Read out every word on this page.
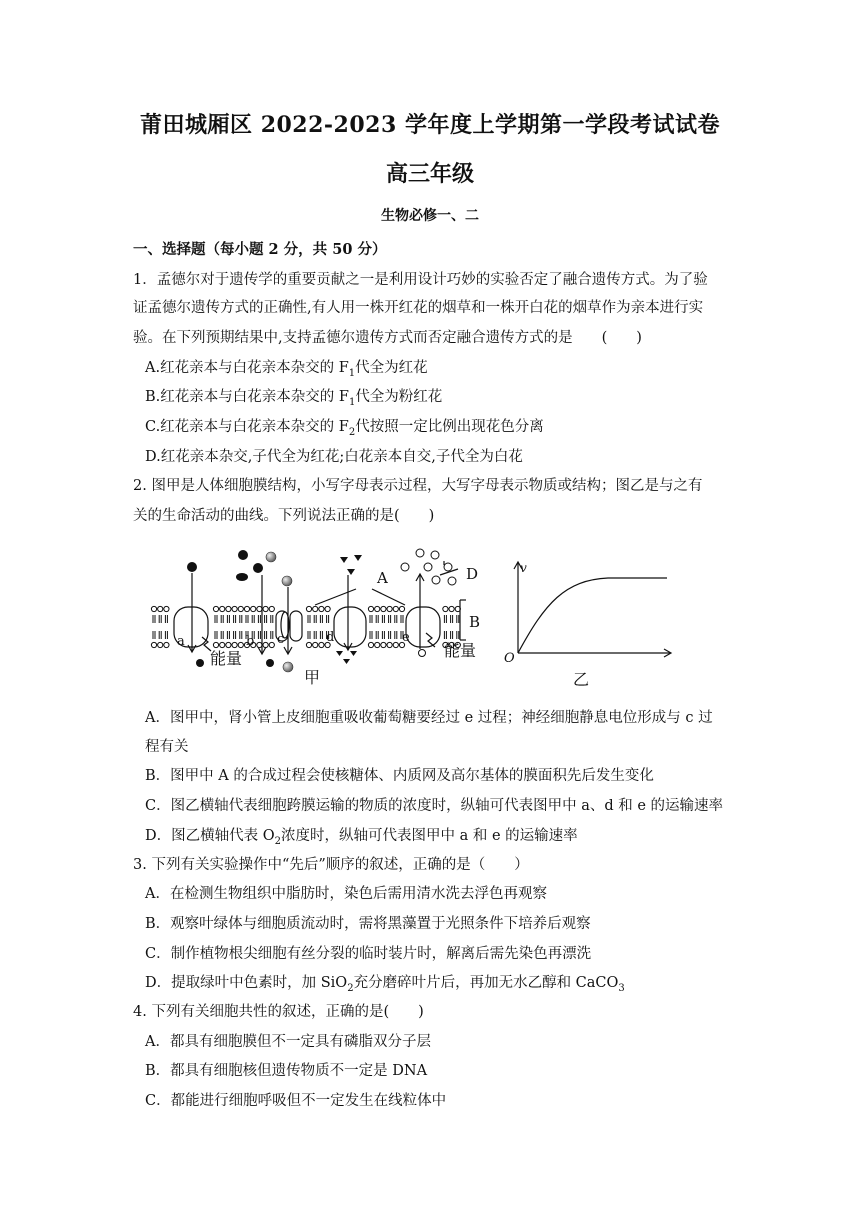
莆田城厢区 2022-2023 学年度上学期第一学段考试试卷
高三年级
生物必修一、二
一、选择题（每小题 2 分，共 50 分）
1．孟德尔对于遗传学的重要贡献之一是利用设计巧妙的实验否定了融合遗传方式。为了验
证孟德尔遗传方式的正确性,有人用一株开红花的烟草和一株开白花的烟草作为亲本进行实
验。在下列预期结果中,支持孟德尔遗传方式而否定融合遗传方式的是　　(　　)
A.红花亲本与白花亲本杂交的 $F_1$代全为红花
B.红花亲本与白花亲本杂交的 $F_1$代全为粉红花
C.红花亲本与白花亲本杂交的 $F_2$代按照一定比例出现花色分离
D.红花亲本杂交,子代全为红花;白花亲本自交,子代全为白花
2. 图甲是人体细胞膜结构，小写字母表示过程，大写字母表示物质或结构；图乙是与之有
关的生命活动的曲线。下列说法正确的是(　　)
a	b c	d	e
A
B
D
能量	能量
甲	乙
v
O
A．图甲中，肾小管上皮细胞重吸收葡萄糖要经过 e 过程；神经细胞静息电位形成与 c 过
程有关
B．图甲中 A 的合成过程会使核糖体、内质网及高尔基体的膜面积先后发生变化
C．图乙横轴代表细胞跨膜运输的物质的浓度时，纵轴可代表图甲中 a、d 和 e 的运输速率
D．图乙横轴代表 $O_2$浓度时，纵轴可代表图甲中 a 和 e 的运输速率
3. 下列有关实验操作中“先后”顺序的叙述，正确的是（　　）
A．在检测生物组织中脂肪时，染色后需用清水洗去浮色再观察
B．观察叶绿体与细胞质流动时，需将黑藻置于光照条件下培养后观察
C．制作植物根尖细胞有丝分裂的临时装片时，解离后需先染色再漂洗
D．提取绿叶中色素时，加 SiO$_2$充分磨碎叶片后，再加无水乙醇和 CaCO$_3$
4. 下列有关细胞共性的叙述，正确的是(　　)
A．都具有细胞膜但不一定具有磷脂双分子层
B．都具有细胞核但遗传物质不一定是 DNA
C．都能进行细胞呼吸但不一定发生在线粒体中
